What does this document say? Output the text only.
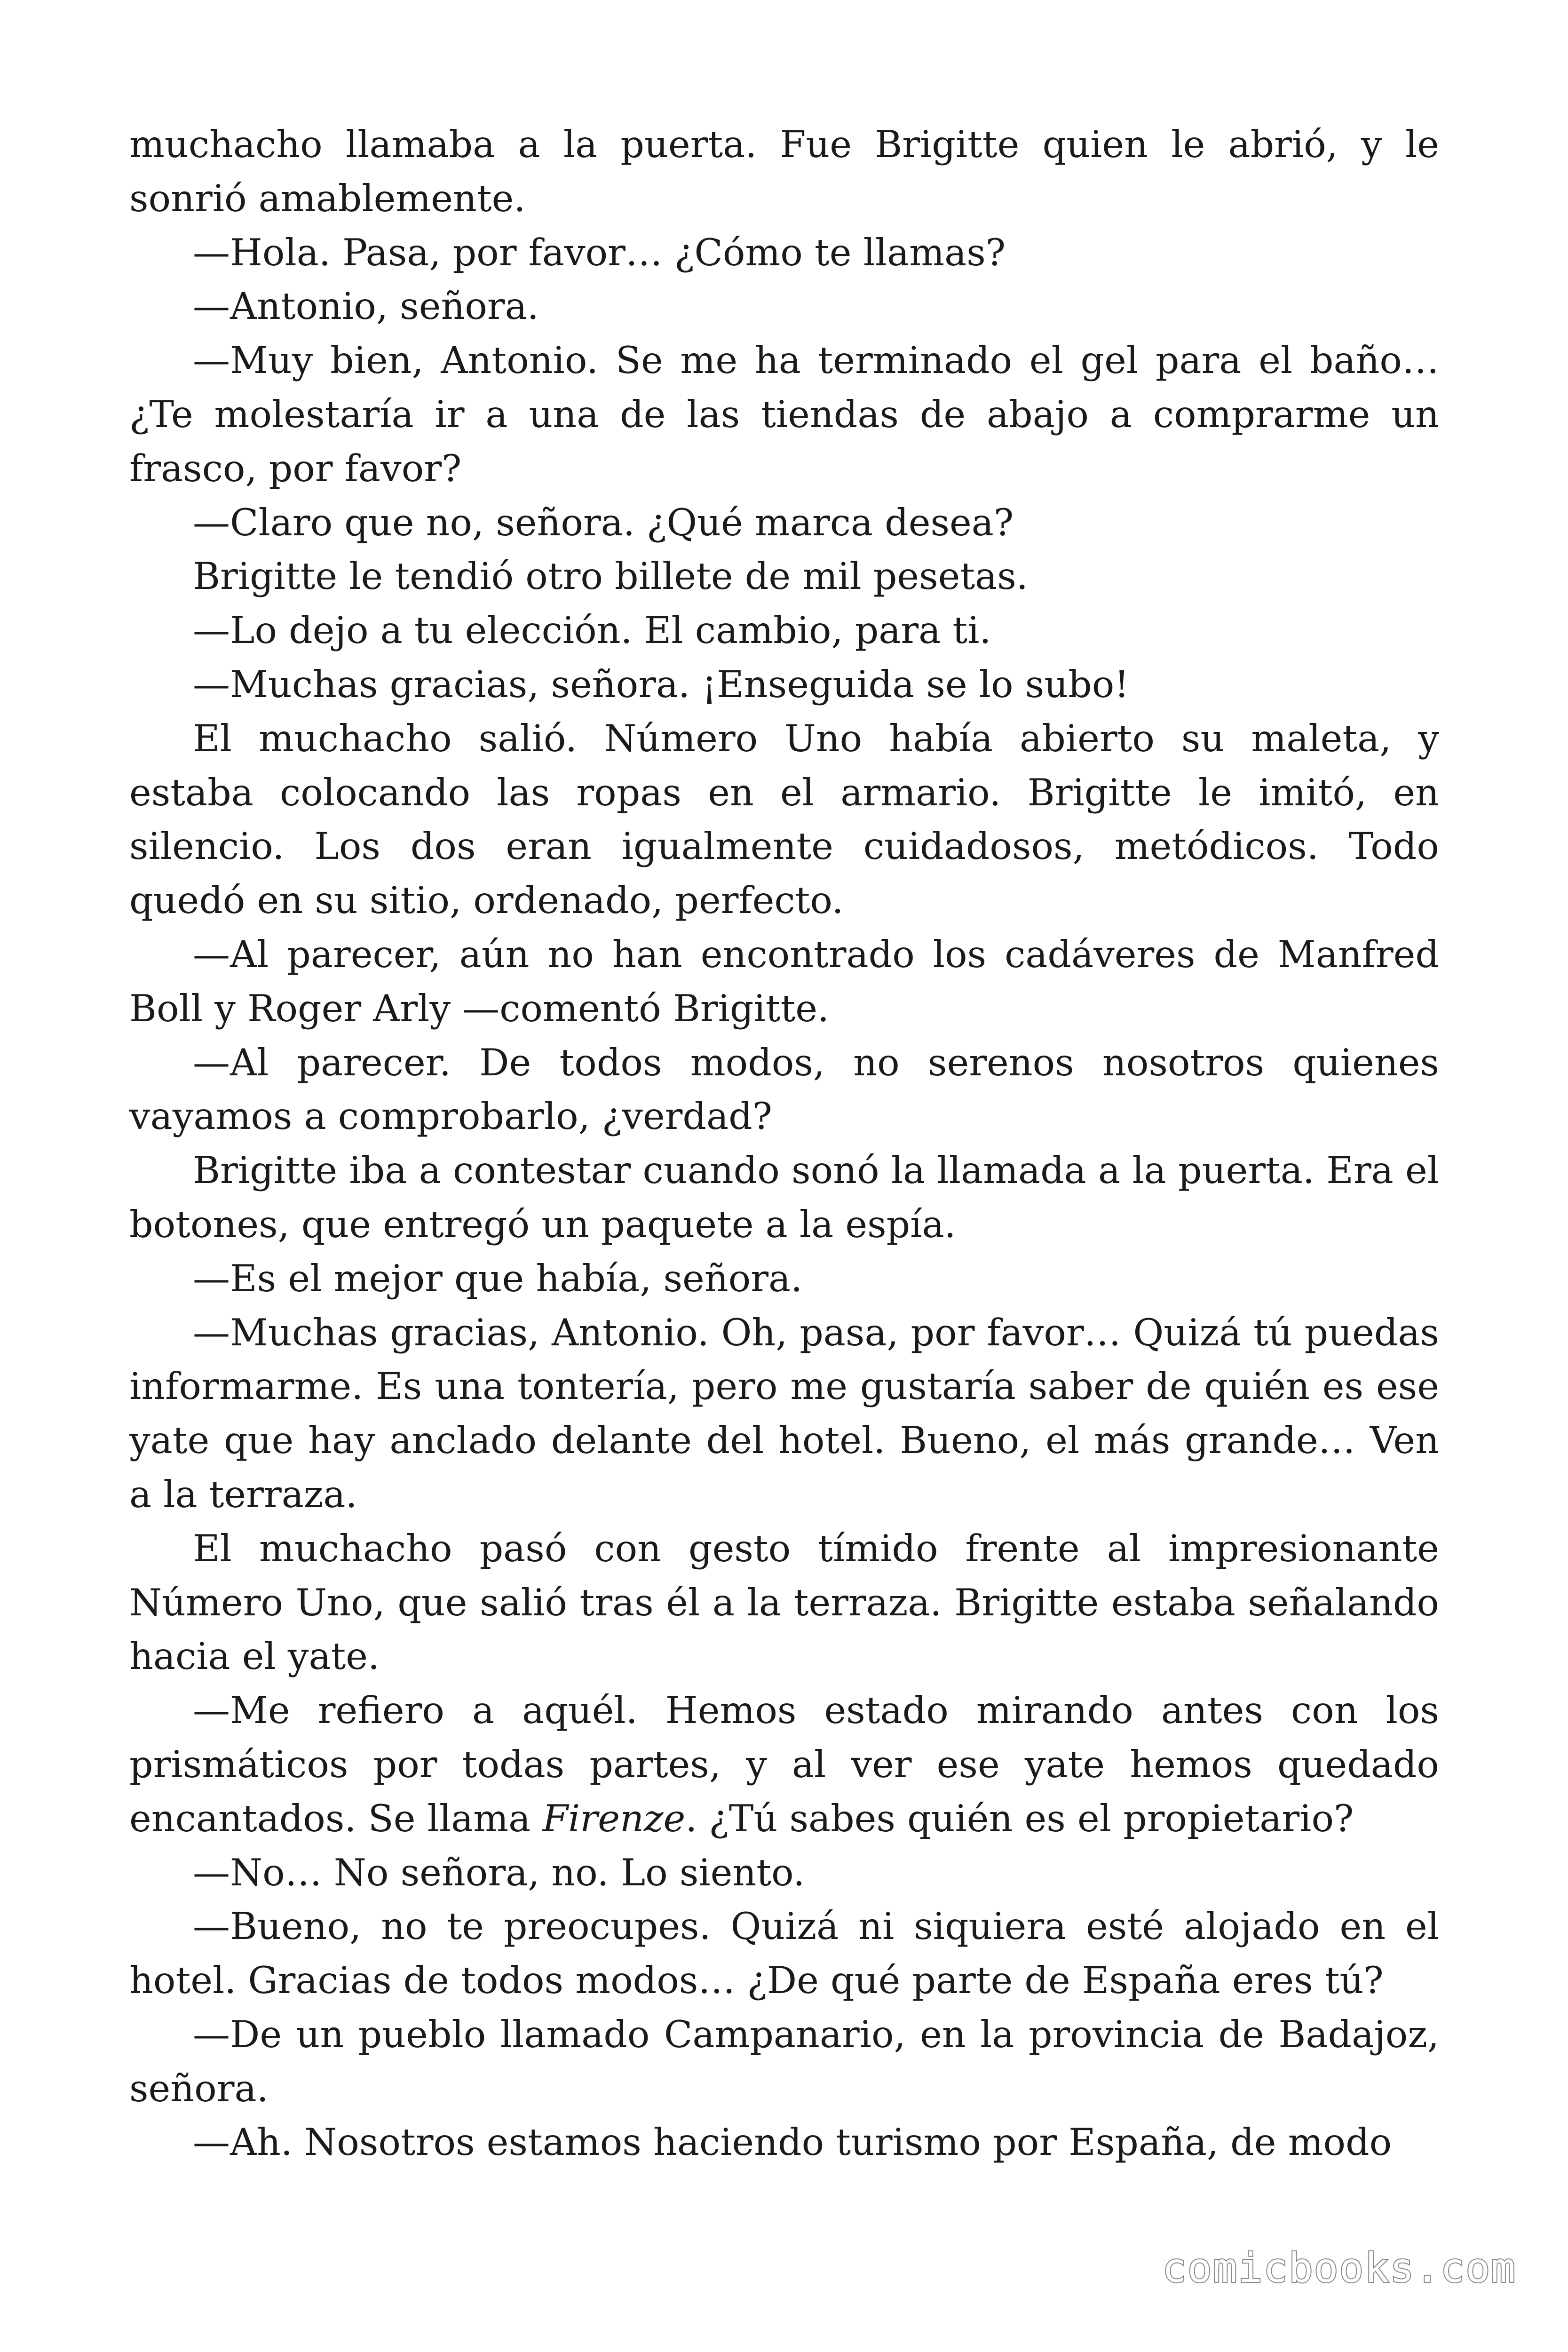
muchacho llamaba a la puerta. Fue Brigitte quien le abrió, y le sonrió amablemente.

—Hola. Pasa, por favor… ¿Cómo te llamas?

—Antonio, señora.

—Muy bien, Antonio. Se me ha terminado el gel para el baño… ¿Te molestaría ir a una de las tiendas de abajo a comprarme un frasco, por favor?

—Claro que no, señora. ¿Qué marca desea?

Brigitte le tendió otro billete de mil pesetas.

—Lo dejo a tu elección. El cambio, para ti.

—Muchas gracias, señora. ¡Enseguida se lo subo!

El muchacho salió. Número Uno había abierto su maleta, y estaba colocando las ropas en el armario. Brigitte le imitó, en silencio. Los dos eran igualmente cuidadosos, metódicos. Todo quedó en su sitio, ordenado, perfecto.

—Al parecer, aún no han encontrado los cadáveres de Manfred Boll y Roger Arly —comentó Brigitte.

—Al parecer. De todos modos, no serenos nosotros quienes vayamos a comprobarlo, ¿verdad?

Brigitte iba a contestar cuando sonó la llamada a la puerta. Era el botones, que entregó un paquete a la espía.

—Es el mejor que había, señora.

—Muchas gracias, Antonio. Oh, pasa, por favor… Quizá tú puedas informarme. Es una tontería, pero me gustaría saber de quién es ese yate que hay anclado delante del hotel. Bueno, el más grande… Ven a la terraza.

El muchacho pasó con gesto tímido frente al impresionante Número Uno, que salió tras él a la terraza. Brigitte estaba señalando hacia el yate.

—Me refiero a aquél. Hemos estado mirando antes con los prismáticos por todas partes, y al ver ese yate hemos quedado encantados. Se llama Firenze. ¿Tú sabes quién es el propietario?

—No… No señora, no. Lo siento.

—Bueno, no te preocupes. Quizá ni siquiera esté alojado en el hotel. Gracias de todos modos… ¿De qué parte de España eres tú?

—De un pueblo llamado Campanario, en la provincia de Badajoz, señora.

—Ah. Nosotros estamos haciendo turismo por España, de modo

comicbooks.com
